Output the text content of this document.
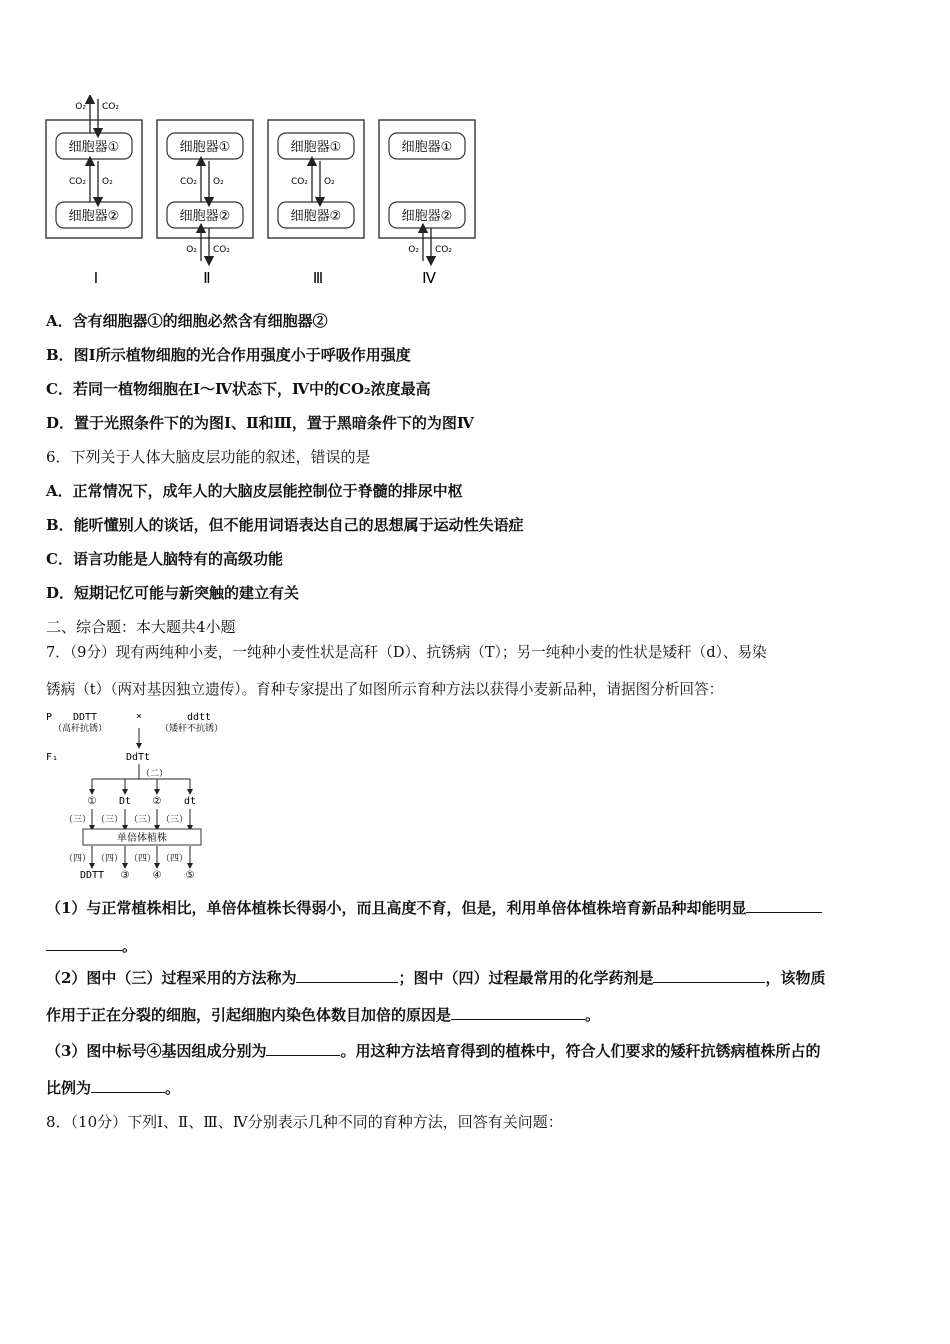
细胞器①
细胞器②
O₂ CO₂
CO₂ O₂
Ⅰ
细胞器①
细胞器②
CO₂ O₂
O₂ CO₂
Ⅱ
细胞器①
细胞器②
CO₂ O₂
Ⅲ
细胞器①
细胞器②
O₂ CO₂
Ⅳ
A．含有细胞器①的细胞必然含有细胞器②
B．图Ⅰ所示植物细胞的光合作用强度小于呼吸作用强度
C．若同一植物细胞在Ⅰ～Ⅳ状态下，Ⅳ中的CO₂浓度最高
D．置于光照条件下的为图Ⅰ、Ⅱ和Ⅲ，置于黑暗条件下的为图Ⅳ
6．下列关于人体大脑皮层功能的叙述，错误的是
A．正常情况下，成年人的大脑皮层能控制位于脊髓的排尿中枢
B．能听懂别人的谈话，但不能用词语表达自己的思想属于运动性失语症
C．语言功能是人脑特有的高级功能
D．短期记忆可能与新突触的建立有关
二、综合题：本大题共4小题
7．（9分）现有两纯种小麦，一纯种小麦性状是高秆（D）、抗锈病（T）；另一纯种小麦的性状是矮秆（d）、易染
锈病（t）（两对基因独立遗传）。育种专家提出了如图所示育种方法以获得小麦新品种，请据图分析回答：
P DDTT
（高秆抗锈）
×	ddtt
（矮秆不抗锈）
F₁	DdTt
（二）
① Dt ② dt
（三） （三） （三） （三）
单倍体植株
（四） （四） （四） （四）
DDTT ③ ④ ⑤
（1）与正常植株相比，单倍体植株长得弱小，而且高度不育，但是，利用单倍体植株培育新品种却能明显
。
（2）图中（三）过程采用的方法称为	；图中（四）过程最常用的化学药剂是	，该物质
作用于正在分裂的细胞，引起细胞内染色体数目加倍的原因是	。
（3）图中标号④基因组成分别为	。用这种方法培育得到的植株中，符合人们要求的矮秆抗锈病植株所占的
比例为	。
8．（10分）下列Ⅰ、Ⅱ、Ⅲ、Ⅳ分别表示几种不同的育种方法，回答有关问题：
